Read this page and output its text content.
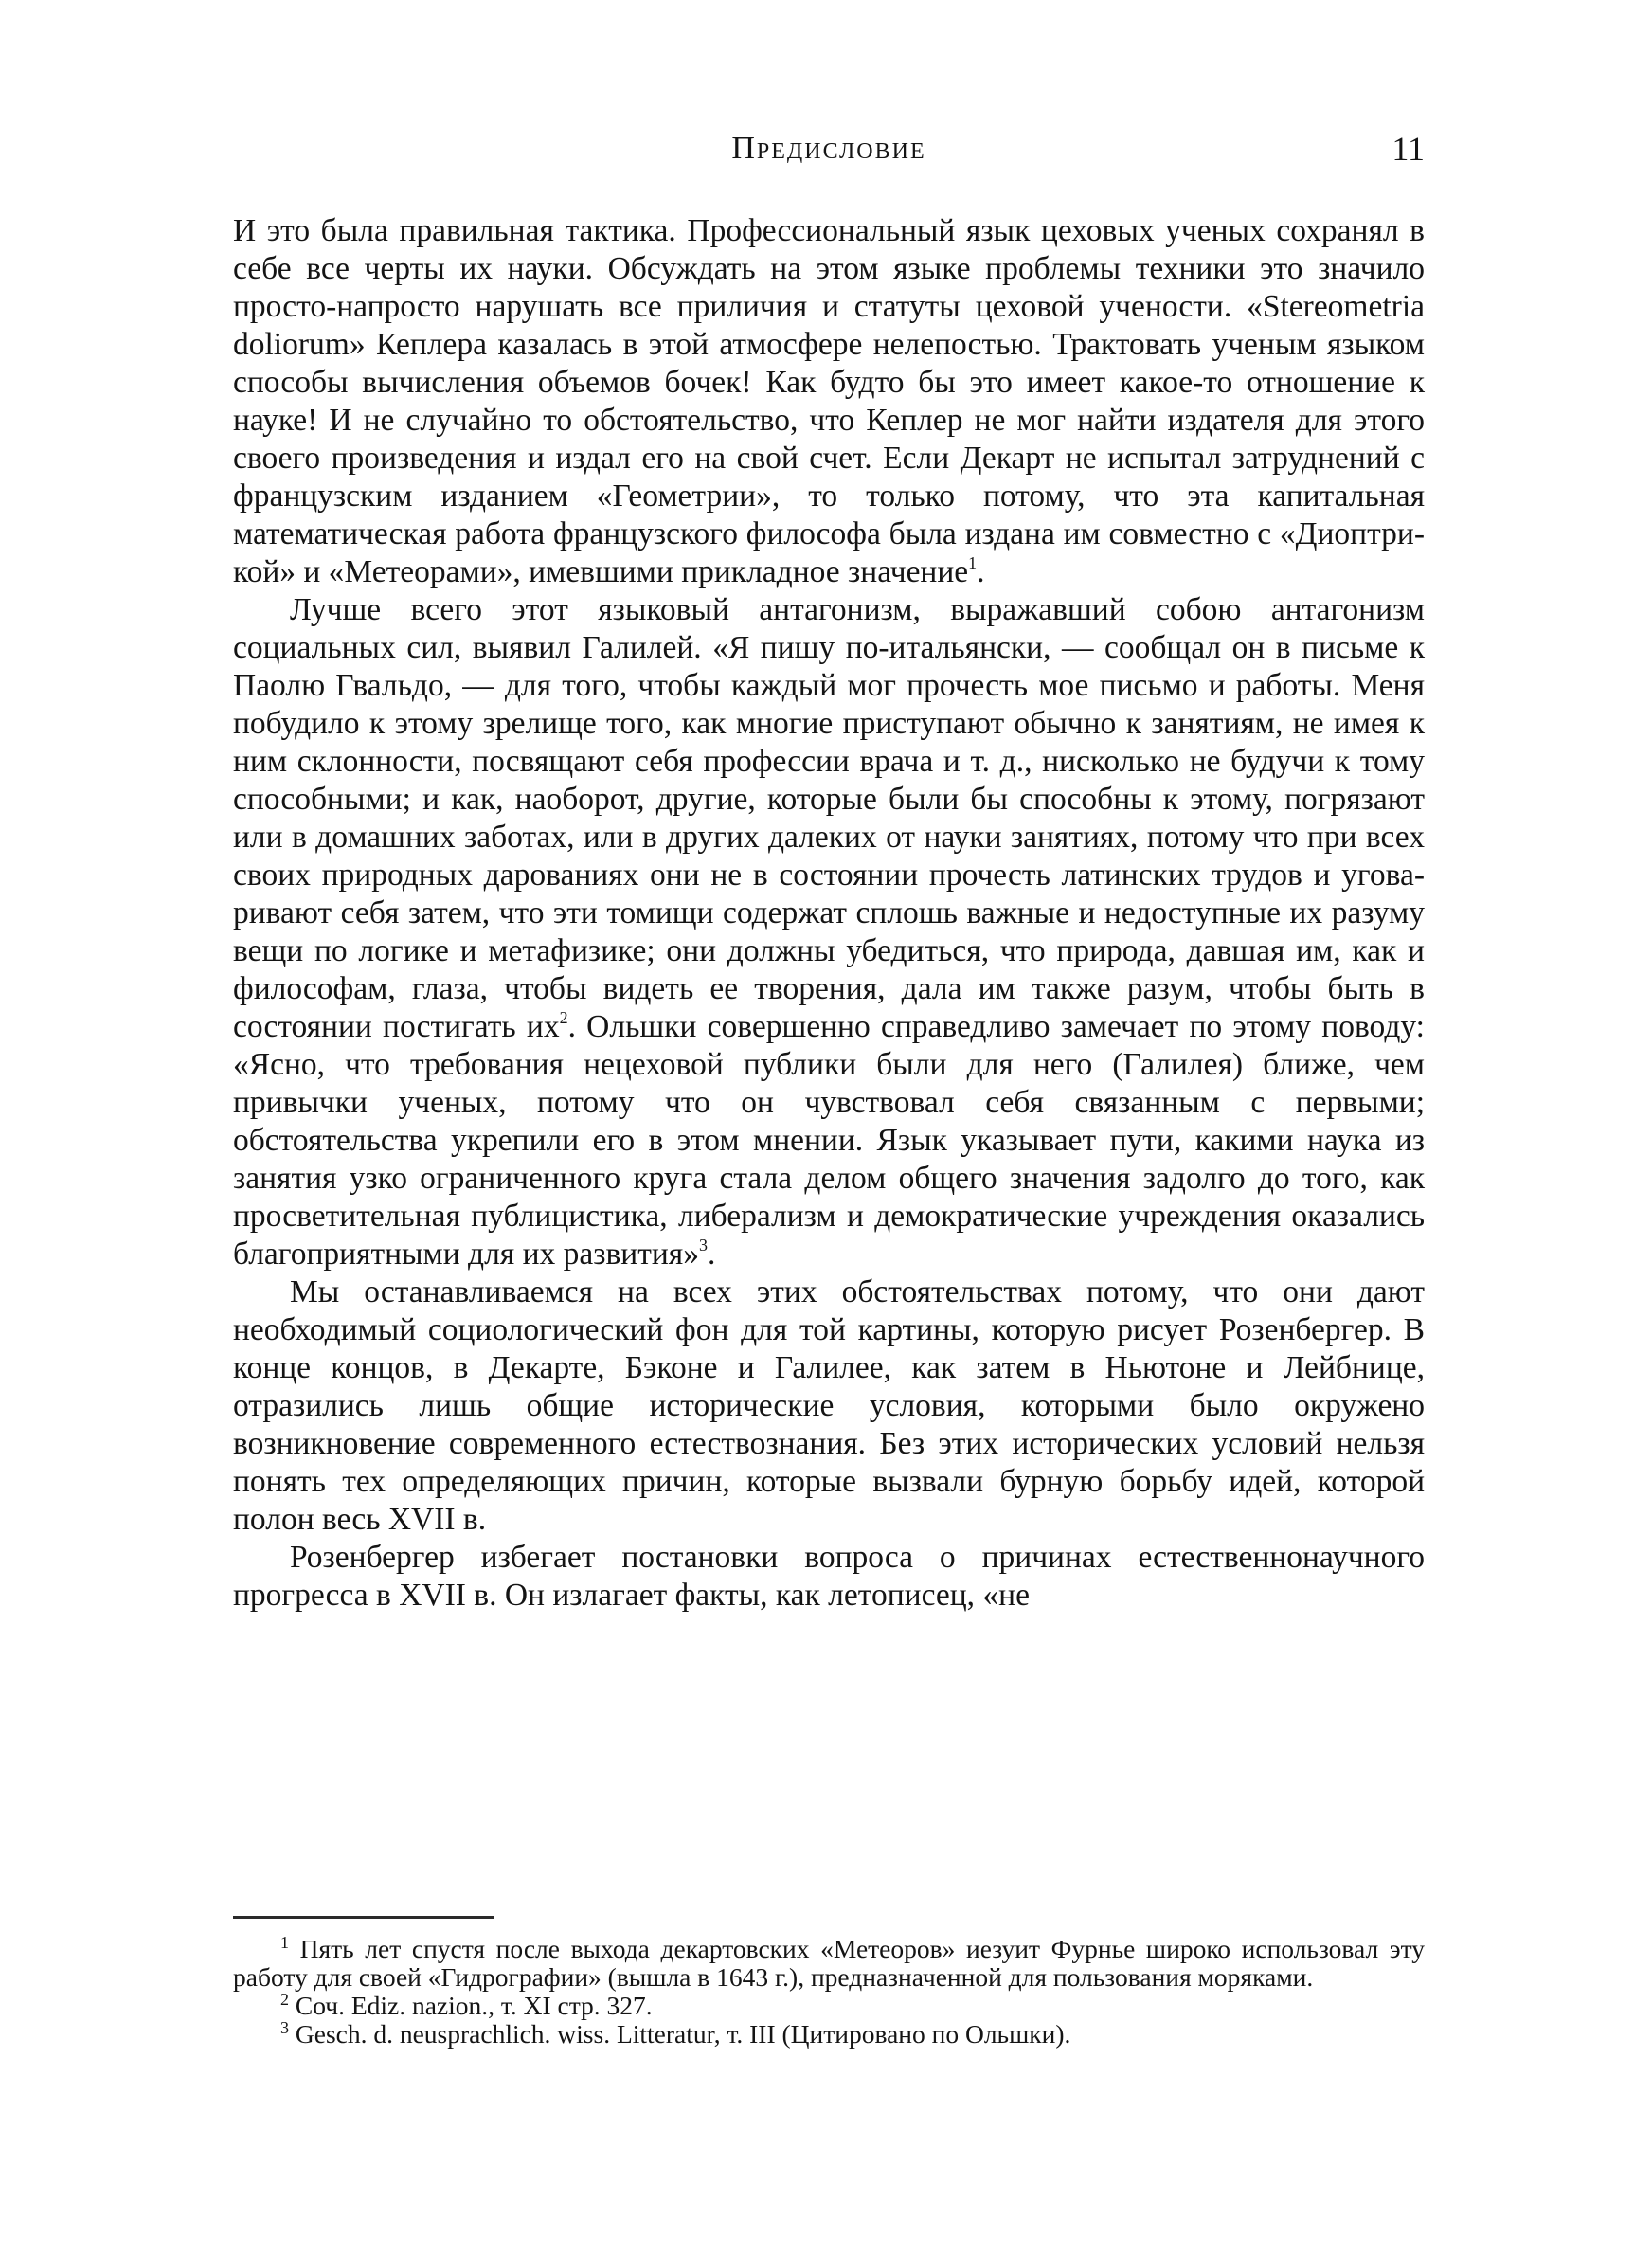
Предисловие	11

И это была правильная тактика. Профессиональный язык цеховых ученых сохранял в себе все черты их науки. Обсуждать на этом языке проблемы техники это значило просто-напросто нарушать все приличия и статуты цеховой учености. «Stereometria doliorum» Кеплера казалась в этой атмосфере нелепостью. Трактовать ученым языком способы вычисления объемов бочек! Как будто бы это имеет какое-то отношение к науке! И не случайно то обстоятельство, что Кеплер не мог найти издателя для этого своего произведения и издал его на свой счет. Если Декарт не испытал затруднений с французским изданием «Геометрии», то только потому, что эта капитальная математическая работа французского философа была издана им совместно с «Диоптрикой» и «Метеорами», имевшими прикладное значение$^1$.

Лучше всего этот языковый антагонизм, выражавший собою антагонизм социальных сил, выявил Галилей. «Я пишу по-итальянски, — сообщал он в письме к Паолю Гвальдо, — для того, чтобы каждый мог прочесть мое письмо и работы. Меня побудило к этому зрелище того, как многие приступают обычно к занятиям, не имея к ним склонности, посвящают себя профессии врача и т. д., нисколько не будучи к тому способными; и как, наоборот, другие, которые были бы способны к этому, погрязают или в домашних заботах, или в других далеких от науки занятиях, потому что при всех своих природных дарованиях они не в состоянии прочесть латинских трудов и уговаривают себя затем, что эти томищи содержат сплошь важные и недоступные их разуму вещи по логике и метафизике; они должны убедиться, что природа, давшая им, как и философам, глаза, чтобы видеть ее творения, дала им также разум, чтобы быть в состоянии постигать их$^2$. Ольшки совершенно справедливо замечает по этому поводу: «Ясно, что требования нецеховой публики были для него (Галилея) ближе, чем привычки ученых, потому что он чувствовал себя связанным с первыми; обстоятельства укрепили его в этом мнении. Язык указывает пути, какими наука из занятия узко ограниченного круга стала делом общего значения задолго до того, как просветительная публицистика, либерализм и демократические учреждения оказались благоприятными для их развития»$^3$.

Мы останавливаемся на всех этих обстоятельствах потому, что они дают необходимый социологический фон для той картины, которую рисует Розенбергер. В конце концов, в Декарте, Бэконе и Галилее, как затем в Ньютоне и Лейбнице, отразились лишь общие исторические условия, которыми было окружено возникновение современного естествознания. Без этих исторических условий нельзя понять тех определяющих причин, которые вызвали бурную борьбу идей, которой полон весь XVII в.

Розенбергер избегает постановки вопроса о причинах естественнонаучного прогресса в XVII в. Он излагает факты, как летописец, «не

$^1$ Пять лет спустя после выхода декартовских «Метеоров» иезуит Фурнье широко использовал эту работу для своей «Гидрографии» (вышла в 1643 г.), предназначенной для пользования моряками.

$^2$ Соч. Ediz. nazion., т. XI стр. 327.

$^3$ Gesch. d. neusprachlich. wiss. Litteratur, т. III (Цитировано по Ольшки).
